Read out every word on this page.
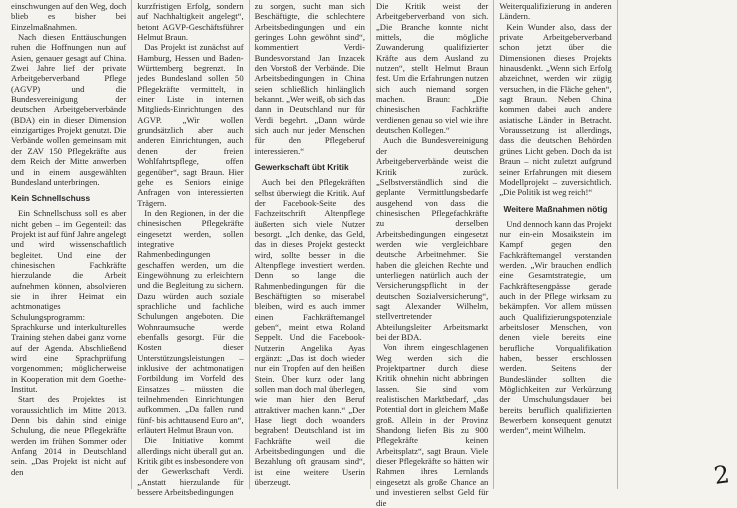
einschwungen auf den Weg, doch blieb es bisher bei Einzelmaßnahmen.

Nach diesen Enttäuschungen ruhen die Hoffnungen nun auf Asien, genauer gesagt auf China. Zwei Jahre lief der private Arbeitgeberverband Pflege (AGVP) und die Bundesvereinigung der deutschen Arbeitgeberverbände (BDA) ein in dieser Dimension einzigartiges Projekt genutzt. Die Verbände wollen gemeinsam mit der ZAV 150 Pflegekräfte aus dem Reich der Mitte anwerben und in einem ausgewählten Bundesland unterbringen.

Kein Schnellschuss

Ein Schnellschuss soll es aber nicht geben – im Gegenteil: das Projekt ist auf fünf Jahre angelegt und wird wissenschaftlich begleitet. Und eine der chinesischen Fachkräfte hierzulande die Arbeit aufnehmen können, absolvieren sie in ihrer Heimat ein achtmonatiges Schulungsprogramm: Sprachkurse und interkulturelles Training stehen dabei ganz vorne auf der Agenda. Abschließend wird eine Sprachprüfung vorgenommen; möglicherweise in Kooperation mit dem Goethe-Institut.

Start des Projektes ist voraussichtlich im Mitte 2013. Denn bis dahin sind einige Schulung, die neue Pflegekräfte werden im frühen Sommer oder Anfang 2014 in Deutschland sein. „Das Projekt ist nicht auf den

kurzfristigen Erfolg, sondern auf Nachhaltigkeit angelegt“, betont AGVP-Geschäftsführer Helmut Braun.

Das Projekt ist zunächst auf Hamburg, Hessen und Baden-Württemberg begrenzt. In jedes Bundesland sollen 50 Pflegekräfte vermittelt, in einer Liste in internen Mitglieds-Einrichtungen des AGVP. „Wir wollen grundsätzlich aber auch anderen Einrichtungen, auch denen der freien Wohlfahrtspflege, offen gegenüber“, sagt Braun. Hier gehe es Seniors einige Anfragen von interessierten Trägern.

In den Regionen, in der die chinesischen Pflegekräfte eingesetzt werden, sollen integrative Rahmenbedingungen geschaffen werden, um die Eingewöhnung zu erleichtern und die Begleitung zu sichern. Dazu würden auch soziale sprachliche und fachliche Schulungen angeboten. Die Wohnraumsuche werde ebenfalls gesorgt. Für die Kosten dieser Unterstützungsleistungen – inklusive der achtmonatigen Fortbildung im Vorfeld des Einsatzes – müssten die teilnehmenden Einrichtungen aufkommen. „Da fallen rund fünf- bis achttausend Euro an“, erläutert Helmut Braun von.

Die Initiative kommt allerdings nicht überall gut an. Kritik gibt es insbesondere von der Gewerkschaft Verdi. „Anstatt hierzulande für bessere Arbeitsbedingungen

zu sorgen, sucht man sich Beschäftigte, die schlechtere Arbeitsbedingungen und ein geringes Lohn gewöhnt sind“, kommentiert Verdi-Bundesvorstand Jan Inzacek den Vorstoß der Verbände. Die Arbeitsbedingungen in China seien schließlich hinlänglich bekannt. „Wer weiß, ob sich das dann in Deutschland nur für Verdi begehrt. „Dann würde sich auch nur jeder Menschen für den Pflegeberuf interessieren.“

Gewerkschaft übt Kritik

Auch bei den Pflegekräften selbst überwiegt die Kritik. Auf der Facebook-Seite des Fachzeitschrift Altenpflege äußerten sich viele Nutzer besorgt. „Ich denke, das Geld, das in dieses Projekt gesteckt wird, sollte besser in die Altenpflege investiert werden. Denn so lange die Rahmenbedingungen für die Beschäftigten so miserabel bleiben, wird es auch immer einen Fachkräftemangel geben“, meint etwa Roland Seppelt. Und die Facebook-Nutzerin Angelika Ayas ergänzt: „Das ist doch wieder nur ein Tropfen auf den heißen Stein. Über kurz oder lang sollen man doch mal überlegen, wie man hier den Beruf attraktiver machen kann.“ „Der Hase liegt doch woanders begraben! Deutschland ist im Fachkräfte weil die Arbeitsbedingungen und die Bezahlung oft grausam sind“, ist eine weitere Userin überzeugt.

Die Kritik weist der Arbeitgeberverband von sich. „Die Branche konnte nicht mittels, die mögliche Zuwanderung qualifizierter Kräfte aus dem Ausland zu nutzen“, stellt Helmut Braun fest. Um die Erfahrungen nutzen sich auch niemand sorgen machen. Braun: „Die chinesischen Fachkräfte verdienen genau so viel wie ihre deutschen Kollegen.“

Auch die Bundesvereinigung der deutschen Arbeitgeberverbände weist die Kritik zurück. „Selbstverständlich sind die geplante Vermittlungsbedarfe ausgehend von dass die chinesischen Pflegefachkräfte zu derselben Arbeitsbedingungen eingesetzt werden wie vergleichbare deutsche Arbeitnehmer. Sie haben die gleichen Rechte und unterliegen natürlich auch der Versicherungspflicht in der deutschen Sozialversicherung“, sagt Alexander Wilhelm, stellvertretender Abteilungsleiter Arbeitsmarkt bei der BDA.

Von ihrem eingeschlagenen Weg werden sich die Projektpartner durch diese Kritik ohnehin nicht abbringen lassen. Sie sind vom realistischen Marktbedarf, „das Potential dort in gleichem Maße groß. Allein in der Provinz Shandong liefen Bis zu 900 Pflegekräfte keinen Arbeitsplatz“, sagt Braun. Viele dieser Pflegekräfte so hätten wir Rahmen ihres Lernlands eingesetzt als große Chance an und investieren selbst Geld für die

Weiterqualifizierung in anderen Ländern.

Kein Wunder also, dass der private Arbeitgeberverband schon jetzt über die Dimensionen dieses Projekts hinausdenkt. „Wenn sich Erfolg abzeichnet, werden wir zügig versuchen, in die Fläche gehen“, sagt Braun. Neben China kommen dabei auch andere asiatische Länder in Betracht. Voraussetzung ist allerdings, dass die deutschen Behörden grünes Licht geben. Doch da ist Braun – nicht zuletzt aufgrund seiner Erfahrungen mit diesem Modellprojekt – zuversichtlich. „Die Politik ist weg reich!“

Weitere Maßnahmen nötig

Und dennoch kann das Projekt nur ein-ein Mosaikstein im Kampf gegen den Fachkräftemangel verstanden werden. „Wir brauchen endlich eine Gesamtstrategie, um Fachkräftesengpässe gerade auch in der Pflege wirksam zu bekämpfen. Vor allem müssen auch Qualifizierungspotenziale arbeitsloser Menschen, von denen viele bereits eine berufliche Vorqualifikation haben, besser erschlossen werden. Seitens der Bundesländer sollten die Möglichkeiten zur Verkürzung der Umschulungsdauer bei bereits beruflich qualifizierten Bewerbern konsequent genutzt werden“, meint Wilhelm.

2
